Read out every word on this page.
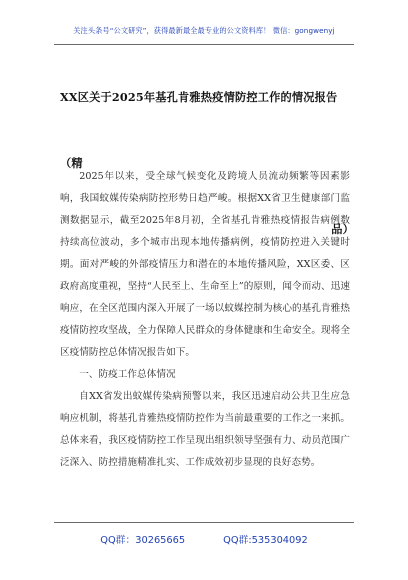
关注头条号“公文研究”，获得最新最全最专业的公文资料库！ 微信：gongwenyj
XX区关于2025年基孔肯雅热疫情防控工作的情况报告（精
品）

2025年以来，受全球气候变化及跨境人员流动频繁等因素影响，我国蚊媒传染病防控形势日趋严峻。根据XX省卫生健康部门监测数据显示，截至2025年8月初，全省基孔肯雅热疫情报告病例数持续高位波动，多个城市出现本地传播病例，疫情防控进入关键时期。面对严峻的外部疫情压力和潜在的本地传播风险，XX区委、区政府高度重视，坚持“人民至上、生命至上”的原则，闻令而动、迅速响应，在全区范围内深入开展了一场以蚊媒控制为核心的基孔肯雅热疫情防控攻坚战，全力保障人民群众的身体健康和生命安全。现将全区疫情防控总体情况报告如下。

一、防疫工作总体情况

自XX省发出蚊媒传染病预警以来，我区迅速启动公共卫生应急响应机制，将基孔肯雅热疫情防控作为当前最重要的工作之一来抓。总体来看，我区疫情防控工作呈现出组织领导坚强有力、动员范围广泛深入、防控措施精准扎实、工作成效初步显现的良好态势。

QQ群：30265665	QQ群:535304092
